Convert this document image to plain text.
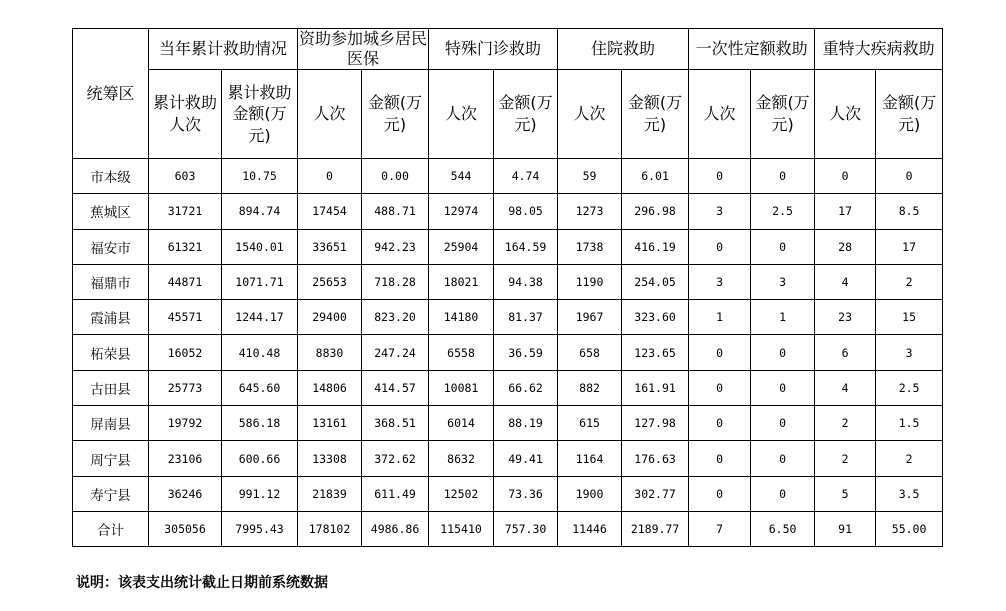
统筹区	当年累计救助情况		资助参加城乡居民医保		特殊门诊救助		住院救助		一次性定额救助		重特大疾病救助	
	累计救助人次	累计救助金额(万元)	人次	金额(万元)	人次	金额(万元)	人次	金额(万元)	人次	金额(万元)	人次	金额(万元)
市本级	603	10.75	0	0.00	544	4.74	59	6.01	0	0	0	0
蕉城区	31721	894.74	17454	488.71	12974	98.05	1273	296.98	3	2.5	17	8.5
福安市	61321	1540.01	33651	942.23	25904	164.59	1738	416.19	0	0	28	17
福鼎市	44871	1071.71	25653	718.28	18021	94.38	1190	254.05	3	3	4	2
霞浦县	45571	1244.17	29400	823.20	14180	81.37	1967	323.60	1	1	23	15
柘荣县	16052	410.48	8830	247.24	6558	36.59	658	123.65	0	0	6	3
古田县	25773	645.60	14806	414.57	10081	66.62	882	161.91	0	0	4	2.5
屏南县	19792	586.18	13161	368.51	6014	88.19	615	127.98	0	0	2	1.5
周宁县	23106	600.66	13308	372.62	8632	49.41	1164	176.63	0	0	2	2
寿宁县	36246	991.12	21839	611.49	12502	73.36	1900	302.77	0	0	5	3.5
合计	305056	7995.43	178102	4986.86	115410	757.30	11446	2189.77	7	6.50	91	55.00
说明：该表支出统计截止日期前系统数据
